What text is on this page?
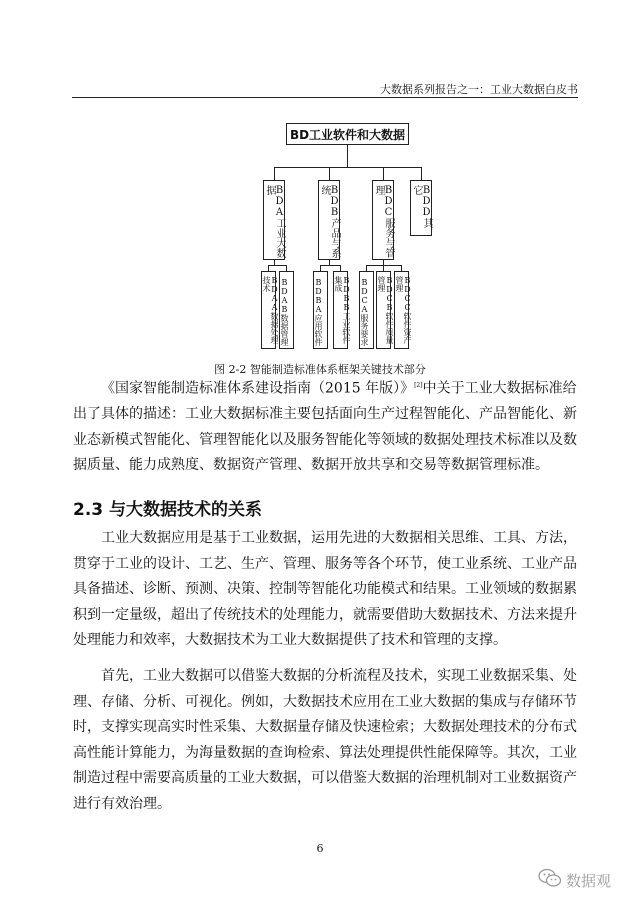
大数据系列报告之一：工业大数据白皮书
BD工业软件和大数据
BDA工业大数据	BDB产品与系统	BDC服务与管理	BDD其它
BDAA数据处理技术	BDAB数据管理	BDBA应用软件	BDBB工业软件集成	BDCA服务要求	BDCB软件质量管理	BDCC软件资产管理
图 2-2 智能制造标准体系框架关键技术部分

《国家智能制造标准体系建设指南（2015 年版）》[2]中关于工业大数据标准给出了具体的描述：工业大数据标准主要包括面向生产过程智能化、产品智能化、新业态新模式智能化、管理智能化以及服务智能化等领域的数据处理技术标准以及数据质量、能力成熟度、数据资产管理、数据开放共享和交易等数据管理标准。

2.3 与大数据技术的关系

工业大数据应用是基于工业数据，运用先进的大数据相关思维、工具、方法，贯穿于工业的设计、工艺、生产、管理、服务等各个环节，使工业系统、工业产品具备描述、诊断、预测、决策、控制等智能化功能模式和结果。工业领域的数据累积到一定量级，超出了传统技术的处理能力，就需要借助大数据技术、方法来提升处理能力和效率，大数据技术为工业大数据提供了技术和管理的支撑。

首先，工业大数据可以借鉴大数据的分析流程及技术，实现工业数据采集、处理、存储、分析、可视化。例如，大数据技术应用在工业大数据的集成与存储环节时，支撑实现高实时性采集、大数据量存储及快速检索；大数据处理技术的分布式高性能计算能力，为海量数据的查询检索、算法处理提供性能保障等。其次，工业制造过程中需要高质量的工业大数据，可以借鉴大数据的治理机制对工业数据资产进行有效治理。

6
数据观
